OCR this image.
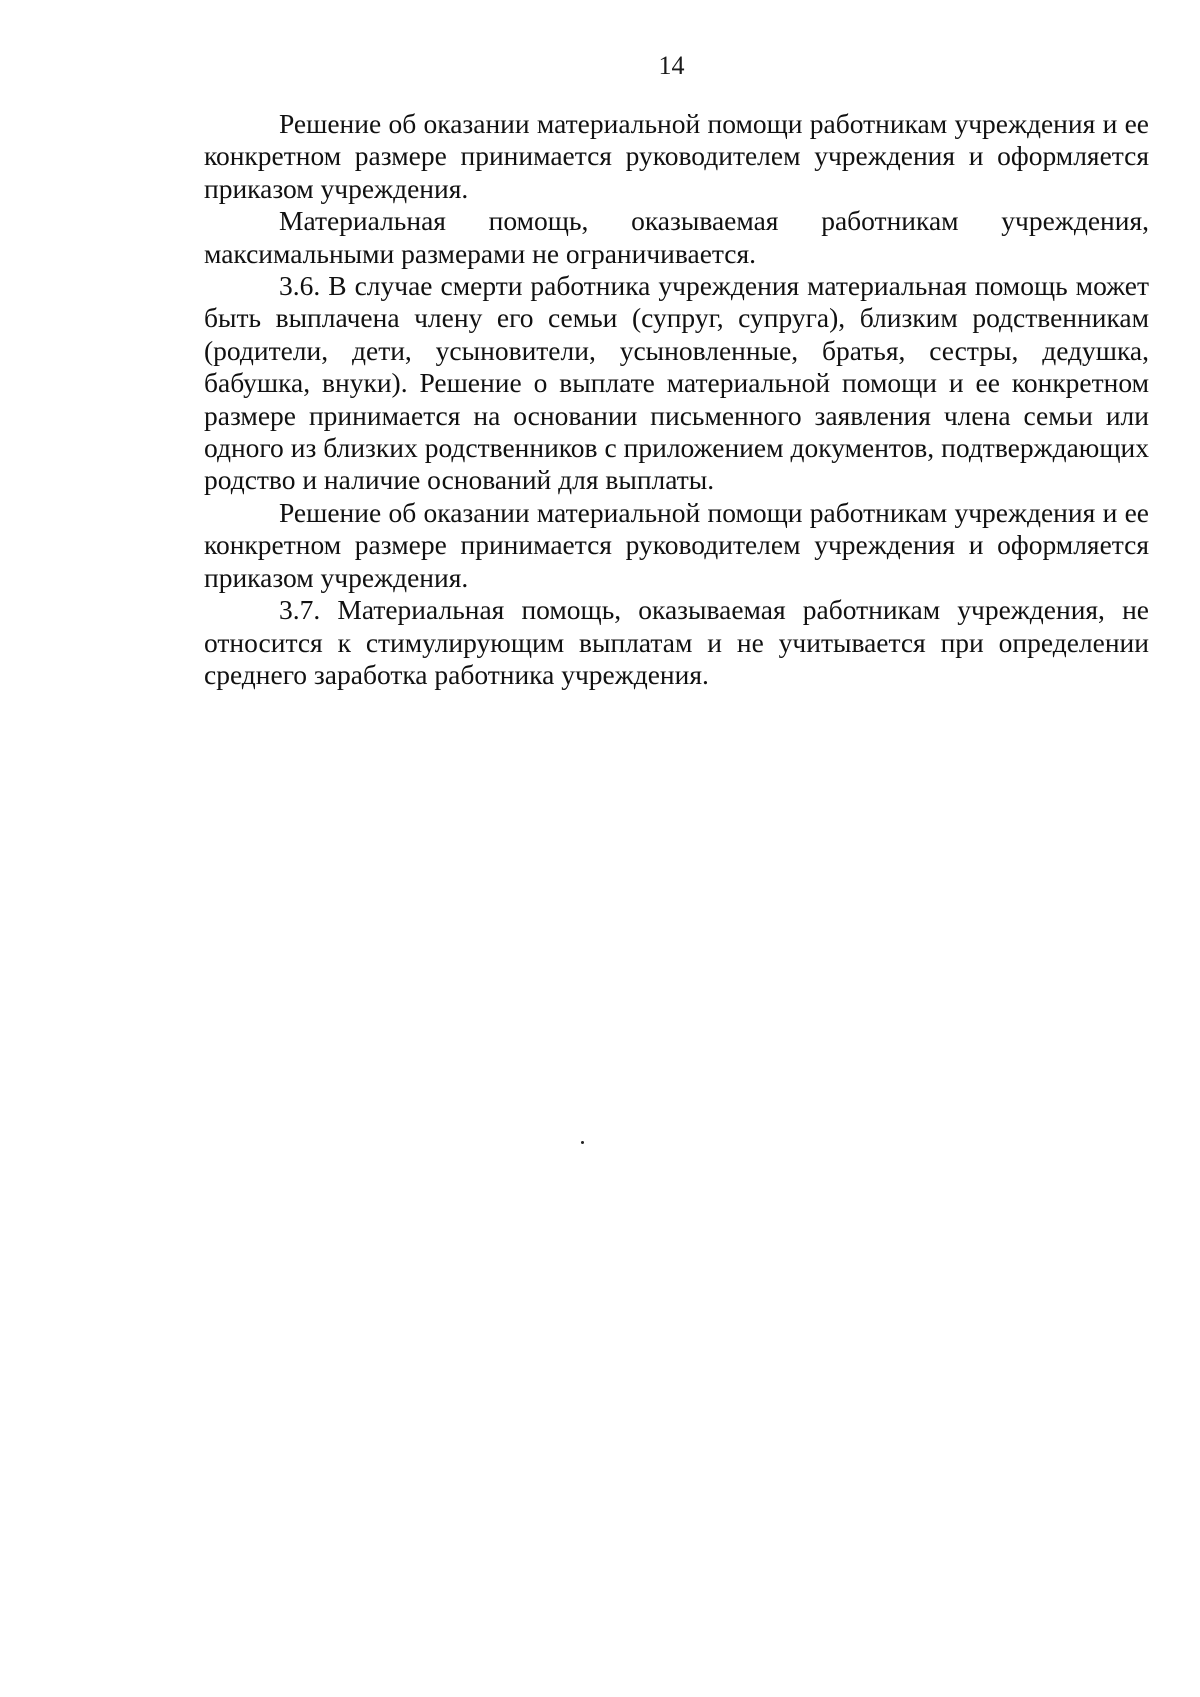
14

Решение об оказании материальной помощи работникам учреждения и ее конкретном размере принимается руководителем учреждения и оформляется приказом учреждения.

Материальная помощь, оказываемая работникам учреждения, максимальными размерами не ограничивается.

3.6. В случае смерти работника учреждения материальная помощь может быть выплачена члену его семьи (супруг, супруга), близким родственникам (родители, дети, усыновители, усыновленные, братья, сестры, дедушка, бабушка, внуки). Решение о выплате материальной помощи и ее конкретном размере принимается на основании письменного заявления члена семьи или одного из близких родственников с приложением документов, подтверждающих родство и наличие оснований для выплаты.

Решение об оказании материальной помощи работникам учреждения и ее конкретном размере принимается руководителем учреждения и оформляется приказом учреждения.

3.7. Материальная помощь, оказываемая работникам учреждения, не относится к стимулирующим выплатам и не учитывается при определении среднего заработка работника учреждения.
